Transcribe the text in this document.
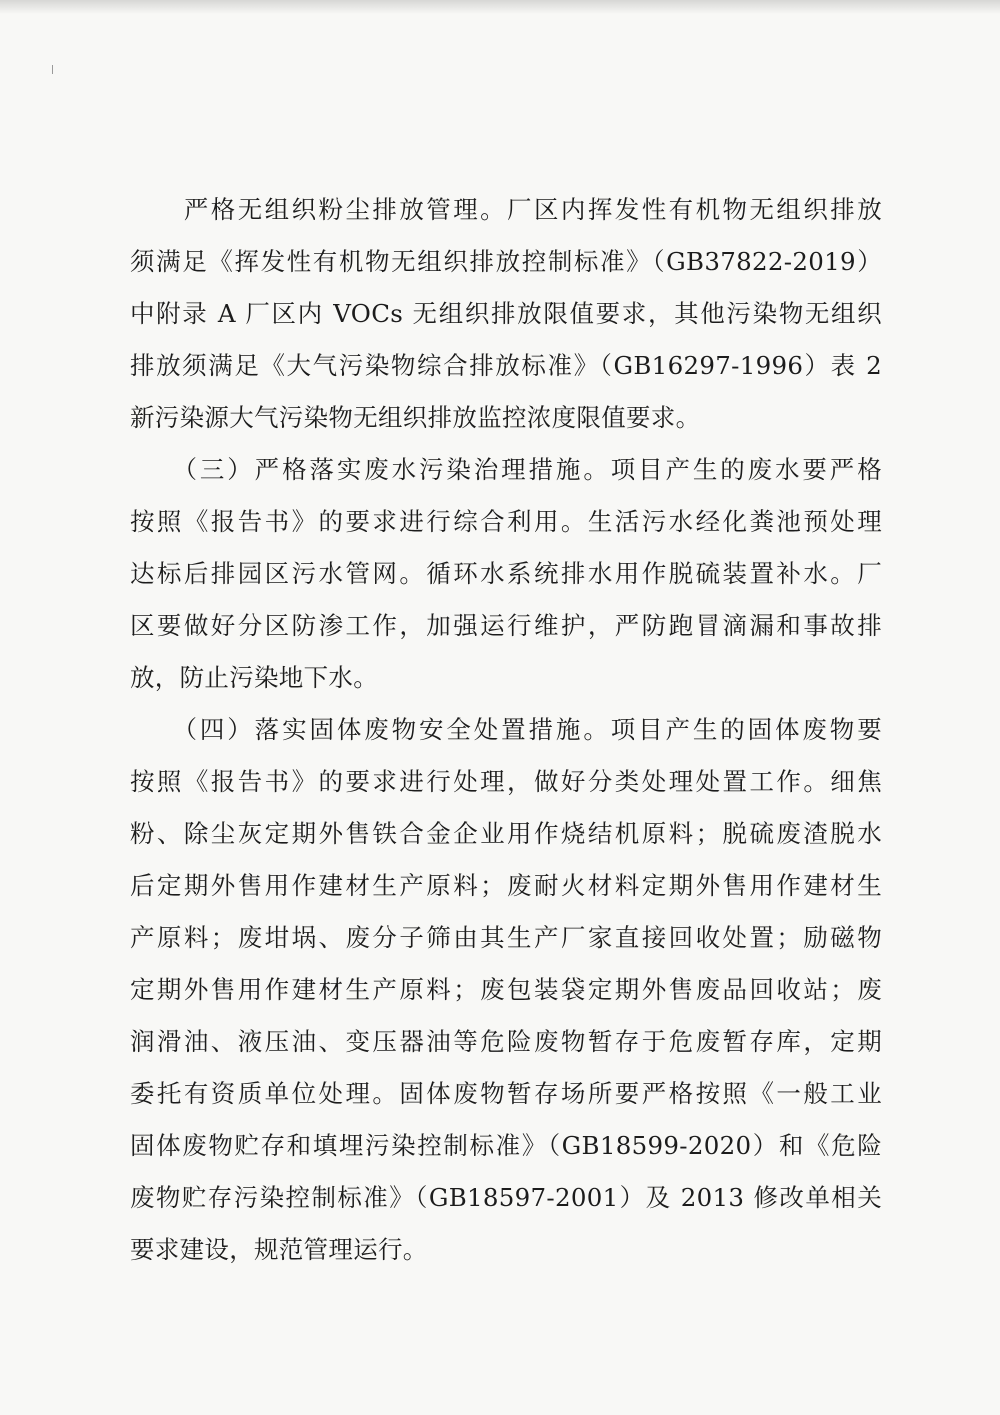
　　严格无组织粉尘排放管理。厂区内挥发性有机物无组织排放
须满足《挥发性有机物无组织排放控制标准》（GB37822-2019）
中附录 A 厂区内 VOCs 无组织排放限值要求，其他污染物无组织
排放须满足《大气污染物综合排放标准》（GB16297-1996）表 2
新污染源大气污染物无组织排放监控浓度限值要求。
　　（三）严格落实废水污染治理措施。项目产生的废水要严格
按照《报告书》的要求进行综合利用。生活污水经化粪池预处理
达标后排园区污水管网。循环水系统排水用作脱硫装置补水。厂
区要做好分区防渗工作，加强运行维护，严防跑冒滴漏和事故排
放，防止污染地下水。
　　（四）落实固体废物安全处置措施。项目产生的固体废物要
按照《报告书》的要求进行处理，做好分类处理处置工作。细焦
粉、除尘灰定期外售铁合金企业用作烧结机原料；脱硫废渣脱水
后定期外售用作建材生产原料；废耐火材料定期外售用作建材生
产原料；废坩埚、废分子筛由其生产厂家直接回收处置；励磁物
定期外售用作建材生产原料；废包装袋定期外售废品回收站；废
润滑油、液压油、变压器油等危险废物暂存于危废暂存库，定期
委托有资质单位处理。固体废物暂存场所要严格按照《一般工业
固体废物贮存和填埋污染控制标准》（GB18599-2020）和《危险
废物贮存污染控制标准》（GB18597-2001）及 2013 修改单相关
要求建设，规范管理运行。
